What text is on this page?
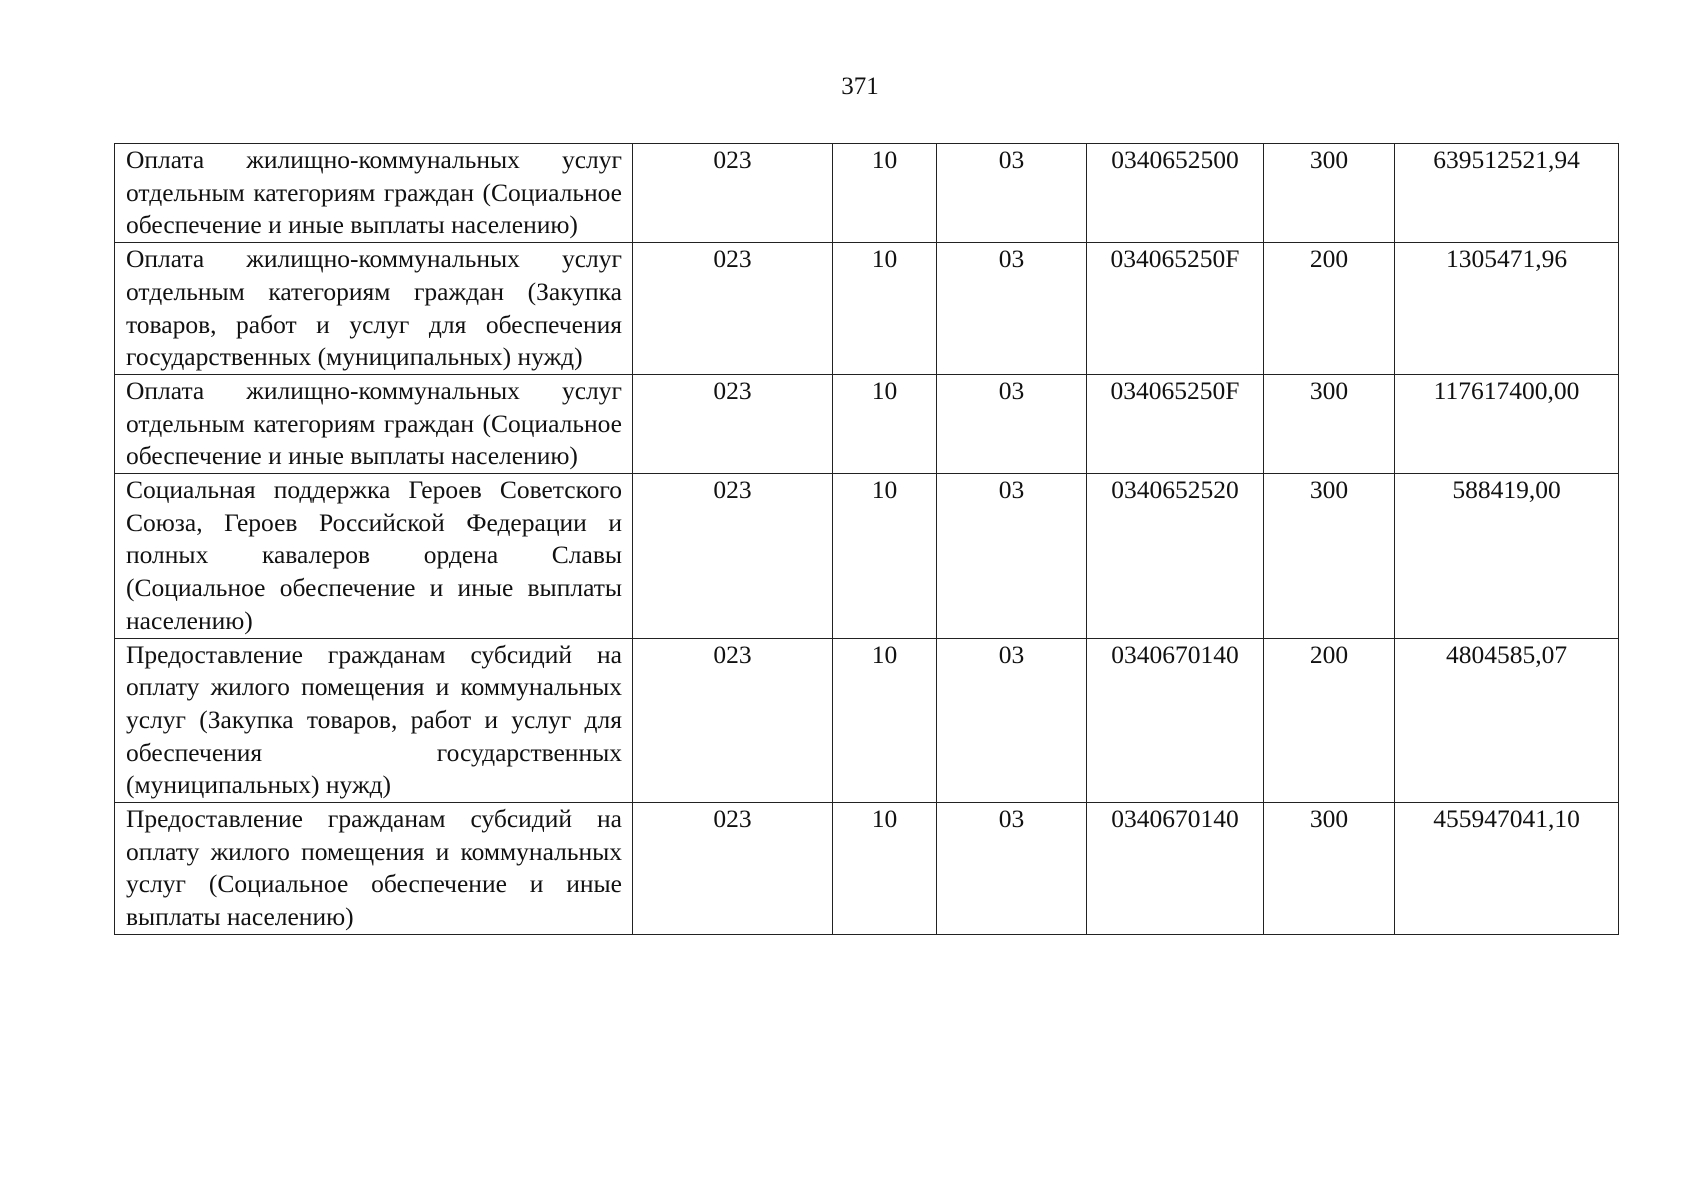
371
Оплата жилищно-коммунальных услуг отдельным категориям граждан (Социальное обеспечение и иные выплаты населению)	023	10	03	0340652500	300	639512521,94
Оплата жилищно-коммунальных услуг отдельным категориям граждан (Закупка товаров, работ и услуг для обеспечения государственных (муниципальных) нужд)	023	10	03	034065250F	200	1305471,96
Оплата жилищно-коммунальных услуг отдельным категориям граждан (Социальное обеспечение и иные выплаты населению)	023	10	03	034065250F	300	117617400,00
Социальная поддержка Героев Советского Союза, Героев Российской Федерации и полных кавалеров ордена Славы (Социальное обеспечение и иные выплаты населению)	023	10	03	0340652520	300	588419,00
Предоставление гражданам субсидий на оплату жилого помещения и коммунальных услуг (Закупка товаров, работ и услуг для обеспечения государственных (муниципальных) нужд)	023	10	03	0340670140	200	4804585,07
Предоставление гражданам субсидий на оплату жилого помещения и коммунальных услуг (Социальное обеспечение и иные выплаты населению)	023	10	03	0340670140	300	455947041,10
